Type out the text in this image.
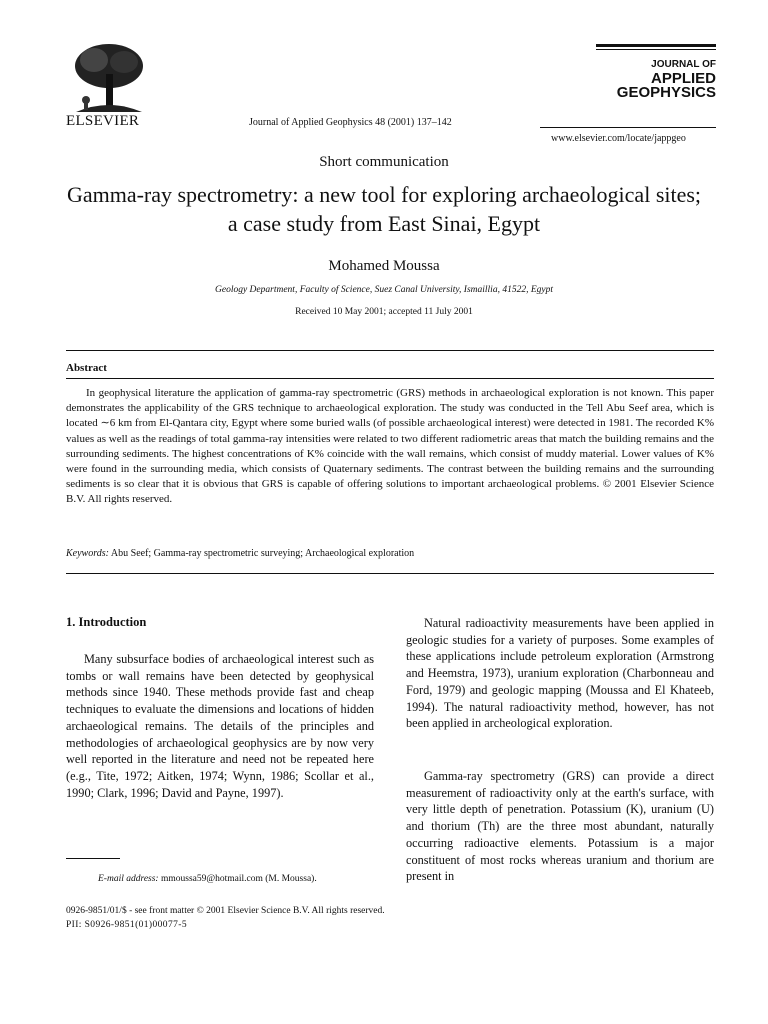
ELSEVIER	Journal of Applied Geophysics 48 (2001) 137–142
JOURNAL OF
APPLIED
GEOPHYSICS
www.elsevier.com/locate/jappgeo
Short communication
Gamma-ray spectrometry: a new tool for exploring archaeological sites; a case study from East Sinai, Egypt
Mohamed Moussa
Geology Department, Faculty of Science, Suez Canal University, Ismaillia, 41522, Egypt
Received 10 May 2001; accepted 11 July 2001
Abstract
In geophysical literature the application of gamma-ray spectrometric (GRS) methods in archaeological exploration is not known. This paper demonstrates the applicability of the GRS technique to archaeological exploration. The study was conducted in the Tell Abu Seef area, which is located ∼6 km from El-Qantara city, Egypt where some buried walls (of possible archaeological interest) were detected in 1981. The recorded K% values as well as the readings of total gamma-ray intensities were related to two different radiometric areas that match the building remains and the surrounding sediments. The highest concentrations of K% coincide with the wall remains, which consist of muddy material. Lower values of K% were found in the surrounding media, which consists of Quaternary sediments. The contrast between the building remains and the surrounding sediments is so clear that it is obvious that GRS is capable of offering solutions to important archaeological problems. © 2001 Elsevier Science B.V. All rights reserved.
Keywords: Abu Seef; Gamma-ray spectrometric surveying; Archaeological exploration
1. Introduction
Many subsurface bodies of archaeological interest such as tombs or wall remains have been detected by geophysical methods since 1940. These methods provide fast and cheap techniques to evaluate the dimensions and locations of hidden archaeological remains. The details of the principles and methodologies of archaeological geophysics are by now very well reported in the literature and need not be repeated here (e.g., Tite, 1972; Aitken, 1974; Wynn, 1986; Scollar et al., 1990; Clark, 1996; David and Payne, 1997).
Natural radioactivity measurements have been applied in geologic studies for a variety of purposes. Some examples of these applications include petroleum exploration (Armstrong and Heemstra, 1973), uranium exploration (Charbonneau and Ford, 1979) and geologic mapping (Moussa and El Khateeb, 1994). The natural radioactivity method, however, has not been applied in archeological exploration.
Gamma-ray spectrometry (GRS) can provide a direct measurement of radioactivity only at the earth's surface, with very little depth of penetration. Potassium (K), uranium (U) and thorium (Th) are the three most abundant, naturally occurring radioactive elements. Potassium is a major constituent of most rocks whereas uranium and thorium are present in
E-mail address: mmoussa59@hotmail.com (M. Moussa).
0926-9851/01/$ - see front matter © 2001 Elsevier Science B.V. All rights reserved.
PII: S0926-9851(01)00077-5
